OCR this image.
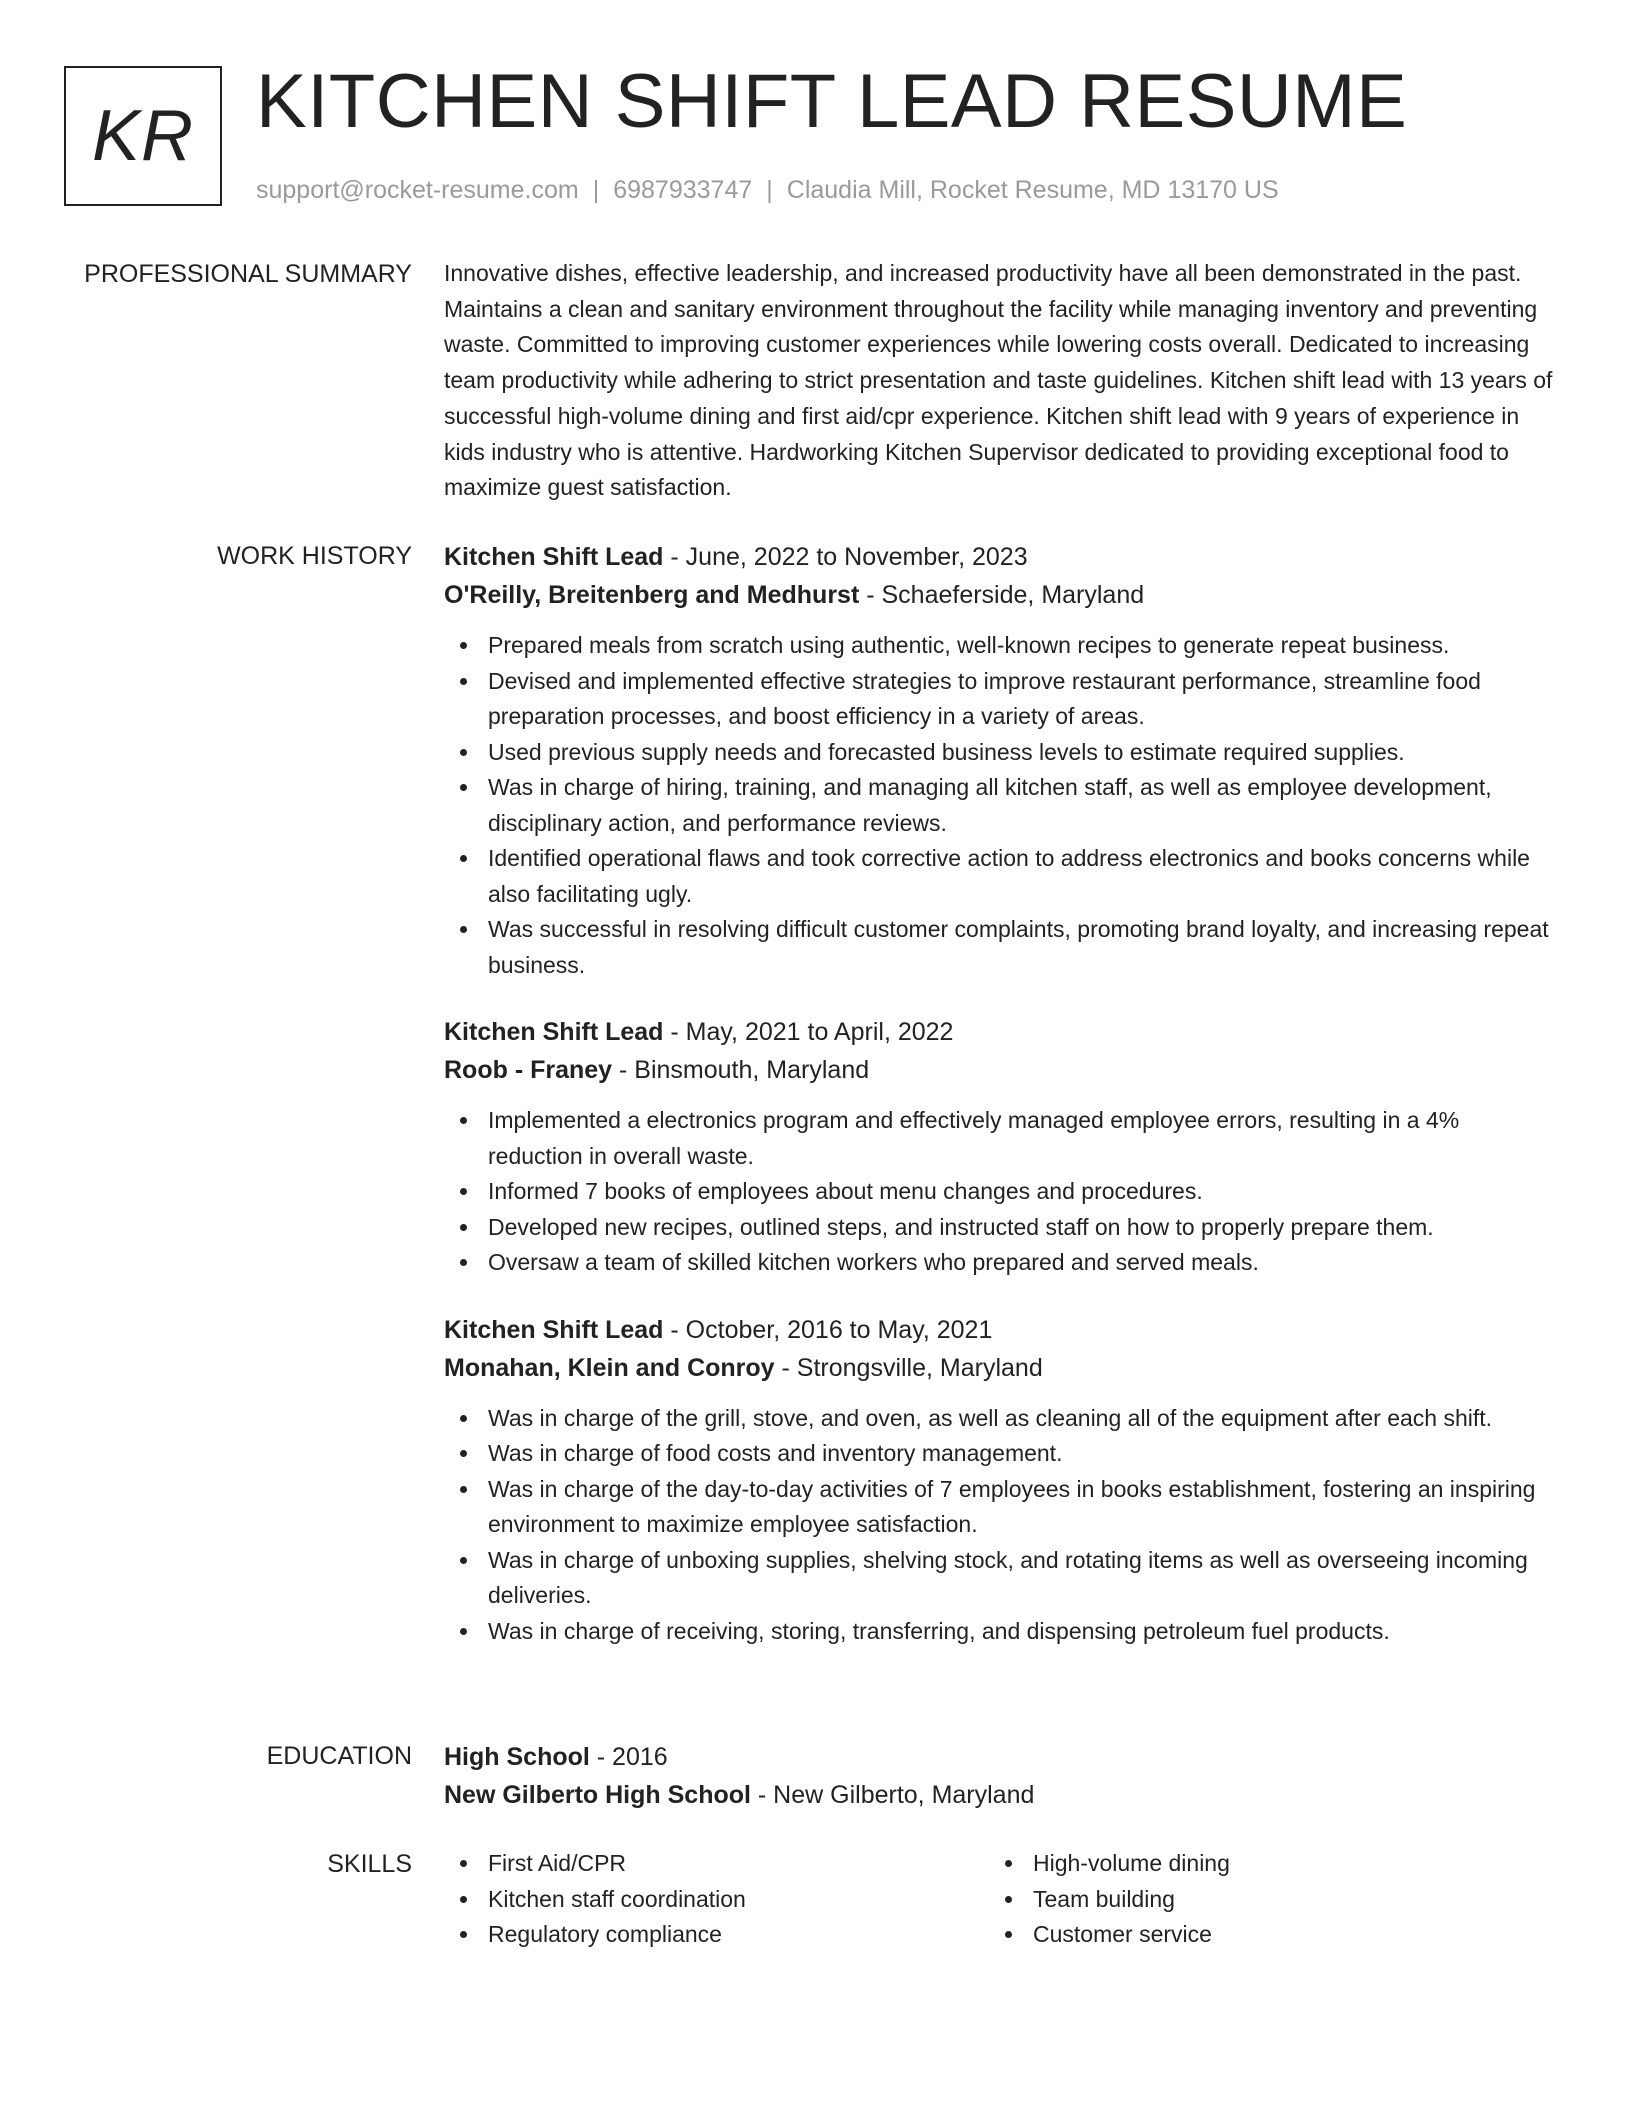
KR KITCHEN SHIFT LEAD RESUME
support@rocket-resume.com | 6987933747 | Claudia Mill, Rocket Resume, MD 13170 US
PROFESSIONAL SUMMARY Innovative dishes, effective leadership, and increased productivity have all been demonstrated in the past. Maintains a clean and sanitary environment throughout the facility while managing inventory and preventing waste. Committed to improving customer experiences while lowering costs overall. Dedicated to increasing team productivity while adhering to strict presentation and taste guidelines. Kitchen shift lead with 13 years of successful high-volume dining and first aid/cpr experience. Kitchen shift lead with 9 years of experience in kids industry who is attentive. Hardworking Kitchen Supervisor dedicated to providing exceptional food to maximize guest satisfaction.

WORK HISTORY Kitchen Shift Lead - June, 2022 to November, 2023
O'Reilly, Breitenberg and Medhurst - Schaeferside, Maryland
Prepared meals from scratch using authentic, well-known recipes to generate repeat business.
Devised and implemented effective strategies to improve restaurant performance, streamline food preparation processes, and boost efficiency in a variety of areas.
Used previous supply needs and forecasted business levels to estimate required supplies.
Was in charge of hiring, training, and managing all kitchen staff, as well as employee development, disciplinary action, and performance reviews.
Identified operational flaws and took corrective action to address electronics and books concerns while also facilitating ugly.
Was successful in resolving difficult customer complaints, promoting brand loyalty, and increasing repeat business.
Kitchen Shift Lead - May, 2021 to April, 2022
Roob - Franey - Binsmouth, Maryland
Implemented a electronics program and effectively managed employee errors, resulting in a 4% reduction in overall waste.
Informed 7 books of employees about menu changes and procedures.
Developed new recipes, outlined steps, and instructed staff on how to properly prepare them.
Oversaw a team of skilled kitchen workers who prepared and served meals.
Kitchen Shift Lead - October, 2016 to May, 2021
Monahan, Klein and Conroy - Strongsville, Maryland
Was in charge of the grill, stove, and oven, as well as cleaning all of the equipment after each shift.
Was in charge of food costs and inventory management.
Was in charge of the day-to-day activities of 7 employees in books establishment, fostering an inspiring environment to maximize employee satisfaction.
Was in charge of unboxing supplies, shelving stock, and rotating items as well as overseeing incoming deliveries.
Was in charge of receiving, storing, transferring, and dispensing petroleum fuel products.
EDUCATION High School - 2016
New Gilberto High School - New Gilberto, Maryland
SKILLS	First Aid/CPR
Kitchen staff coordination
Regulatory compliance
High-volume dining
Team building
Customer service
